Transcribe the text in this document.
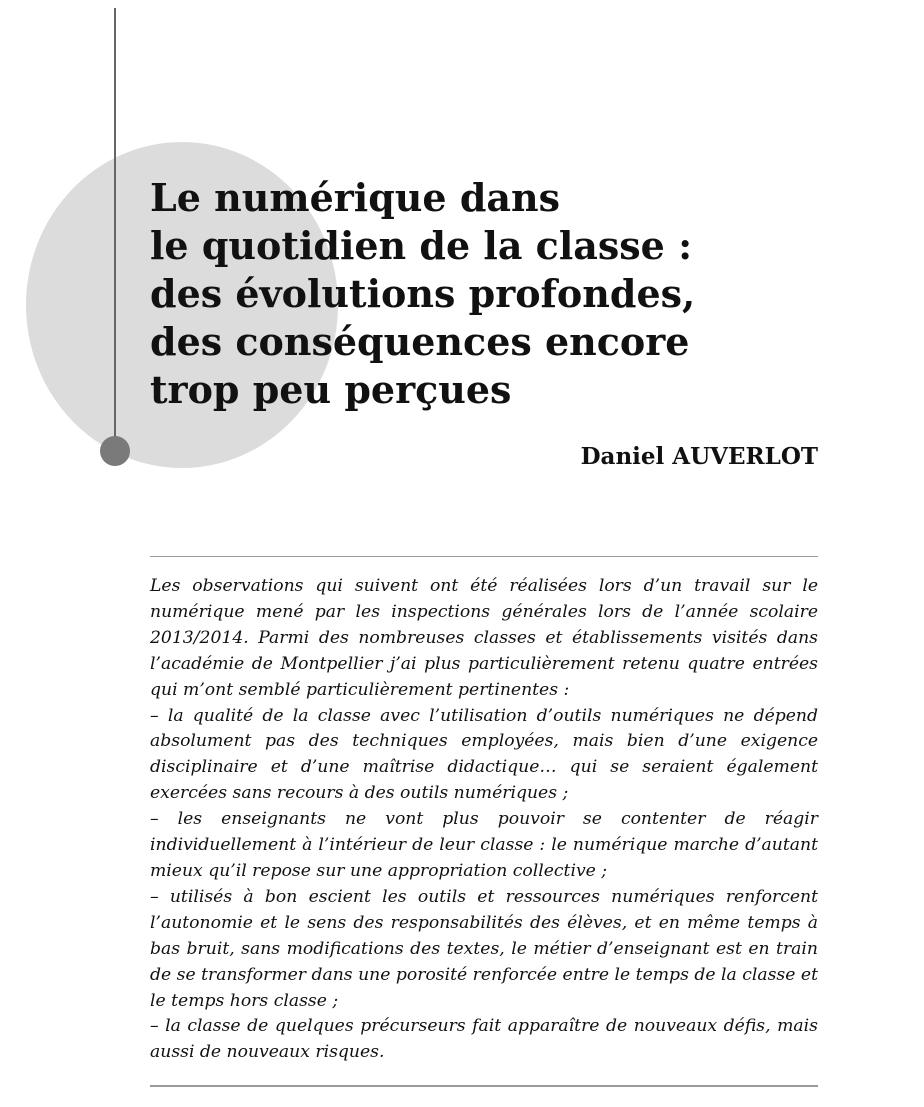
Le numérique dans
le quotidien de la classe :
des évolutions profondes,
des conséquences encore
trop peu perçues
Daniel AUVERLOT

Les observations qui suivent ont été réalisées lors d’un travail sur le numérique mené par les inspections générales lors de l’année scolaire 2013/2014. Parmi des nombreuses classes et établissements visités dans l’académie de Montpellier j’ai plus particulièrement retenu quatre entrées qui m’ont semblé particulièrement pertinentes :

– la qualité de la classe avec l’utilisation d’outils numériques ne dépend absolument pas des techniques employées, mais bien d’une exigence disciplinaire et d’une maîtrise didactique… qui se seraient également exercées sans recours à des outils numériques ;

– les enseignants ne vont plus pouvoir se contenter de réagir individuellement à l’intérieur de leur classe : le numérique marche d’autant mieux qu’il repose sur une appropriation collective ;

– utilisés à bon escient les outils et ressources numériques renforcent l’autonomie et le sens des responsabilités des élèves, et en même temps à bas bruit, sans modifications des textes, le métier d’enseignant est en train de se transformer dans une porosité renforcée entre le temps de la classe et le temps hors classe ;

– la classe de quelques précurseurs fait apparaître de nouveaux défis, mais aussi de nouveaux risques.
